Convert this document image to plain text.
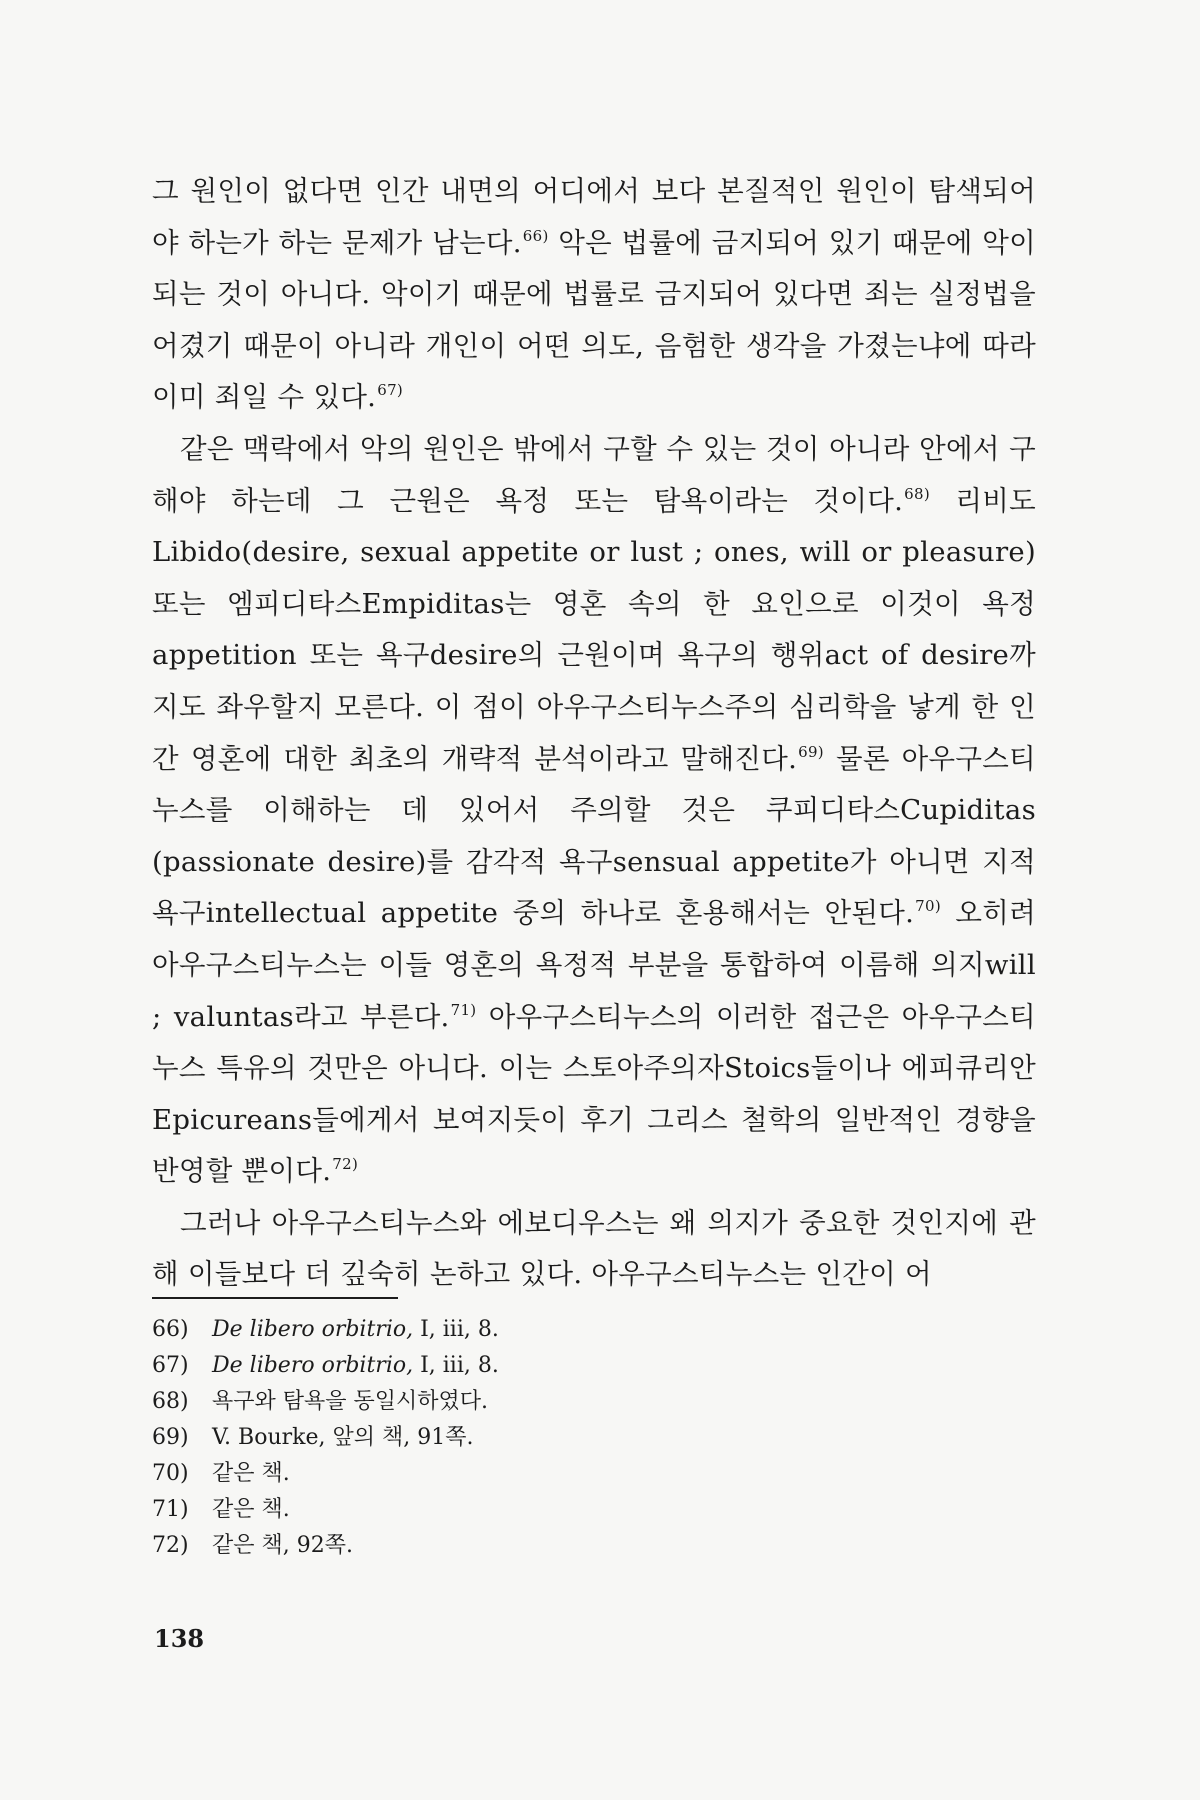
그 원인이 없다면 인간 내면의 어디에서 보다 본질적인 원인이 탐색되어야 하는가 하는 문제가 남는다.$^{66)}$ 악은 법률에 금지되어 있기 때문에 악이 되는 것이 아니다. 악이기 때문에 법률로 금지되어 있다면 죄는 실정법을 어겼기 때문이 아니라 개인이 어떤 의도, 음험한 생각을 가졌는냐에 따라 이미 죄일 수 있다.$^{67)}$

같은 맥락에서 악의 원인은 밖에서 구할 수 있는 것이 아니라 안에서 구해야 하는데 그 근원은 욕정 또는 탐욕이라는 것이다.$^{68)}$ 리비도 Libido(desire, sexual appetite or lust ; ones, will or pleasure) 또는 엠피디타스Empiditas는 영혼 속의 한 요인으로 이것이 욕정appetition 또는 욕구desire의 근원이며 욕구의 행위act of desire까지도 좌우할지 모른다. 이 점이 아우구스티누스주의 심리학을 낳게 한 인간 영혼에 대한 최초의 개략적 분석이라고 말해진다.$^{69)}$ 물론 아우구스티누스를 이해하는 데 있어서 주의할 것은 쿠피디타스Cupiditas (passionate desire)를 감각적 욕구sensual appetite가 아니면 지적 욕구intellectual appetite 중의 하나로 혼용해서는 안된다.$^{70)}$ 오히려 아우구스티누스는 이들 영혼의 욕정적 부분을 통합하여 이름해 의지will ; valuntas라고 부른다.$^{71)}$ 아우구스티누스의 이러한 접근은 아우구스티누스 특유의 것만은 아니다. 이는 스토아주의자Stoics들이나 에피큐리안Epicureans들에게서 보여지듯이 후기 그리스 철학의 일반적인 경향을 반영할 뿐이다.$^{72)}$

그러나 아우구스티누스와 에보디우스는 왜 의지가 중요한 것인지에 관해 이들보다 더 깊숙히 논하고 있다. 아우구스티누스는 인간이 어

66)	De libero orbitrio, Ⅰ, iii, 8.
67)	De libero orbitrio, Ⅰ, iii, 8.
68)	욕구와 탐욕을 동일시하였다.
69)	V. Bourke, 앞의 책, 91쪽.
70)	같은 책.
71)	같은 책.
72)	같은 책, 92쪽.
138
